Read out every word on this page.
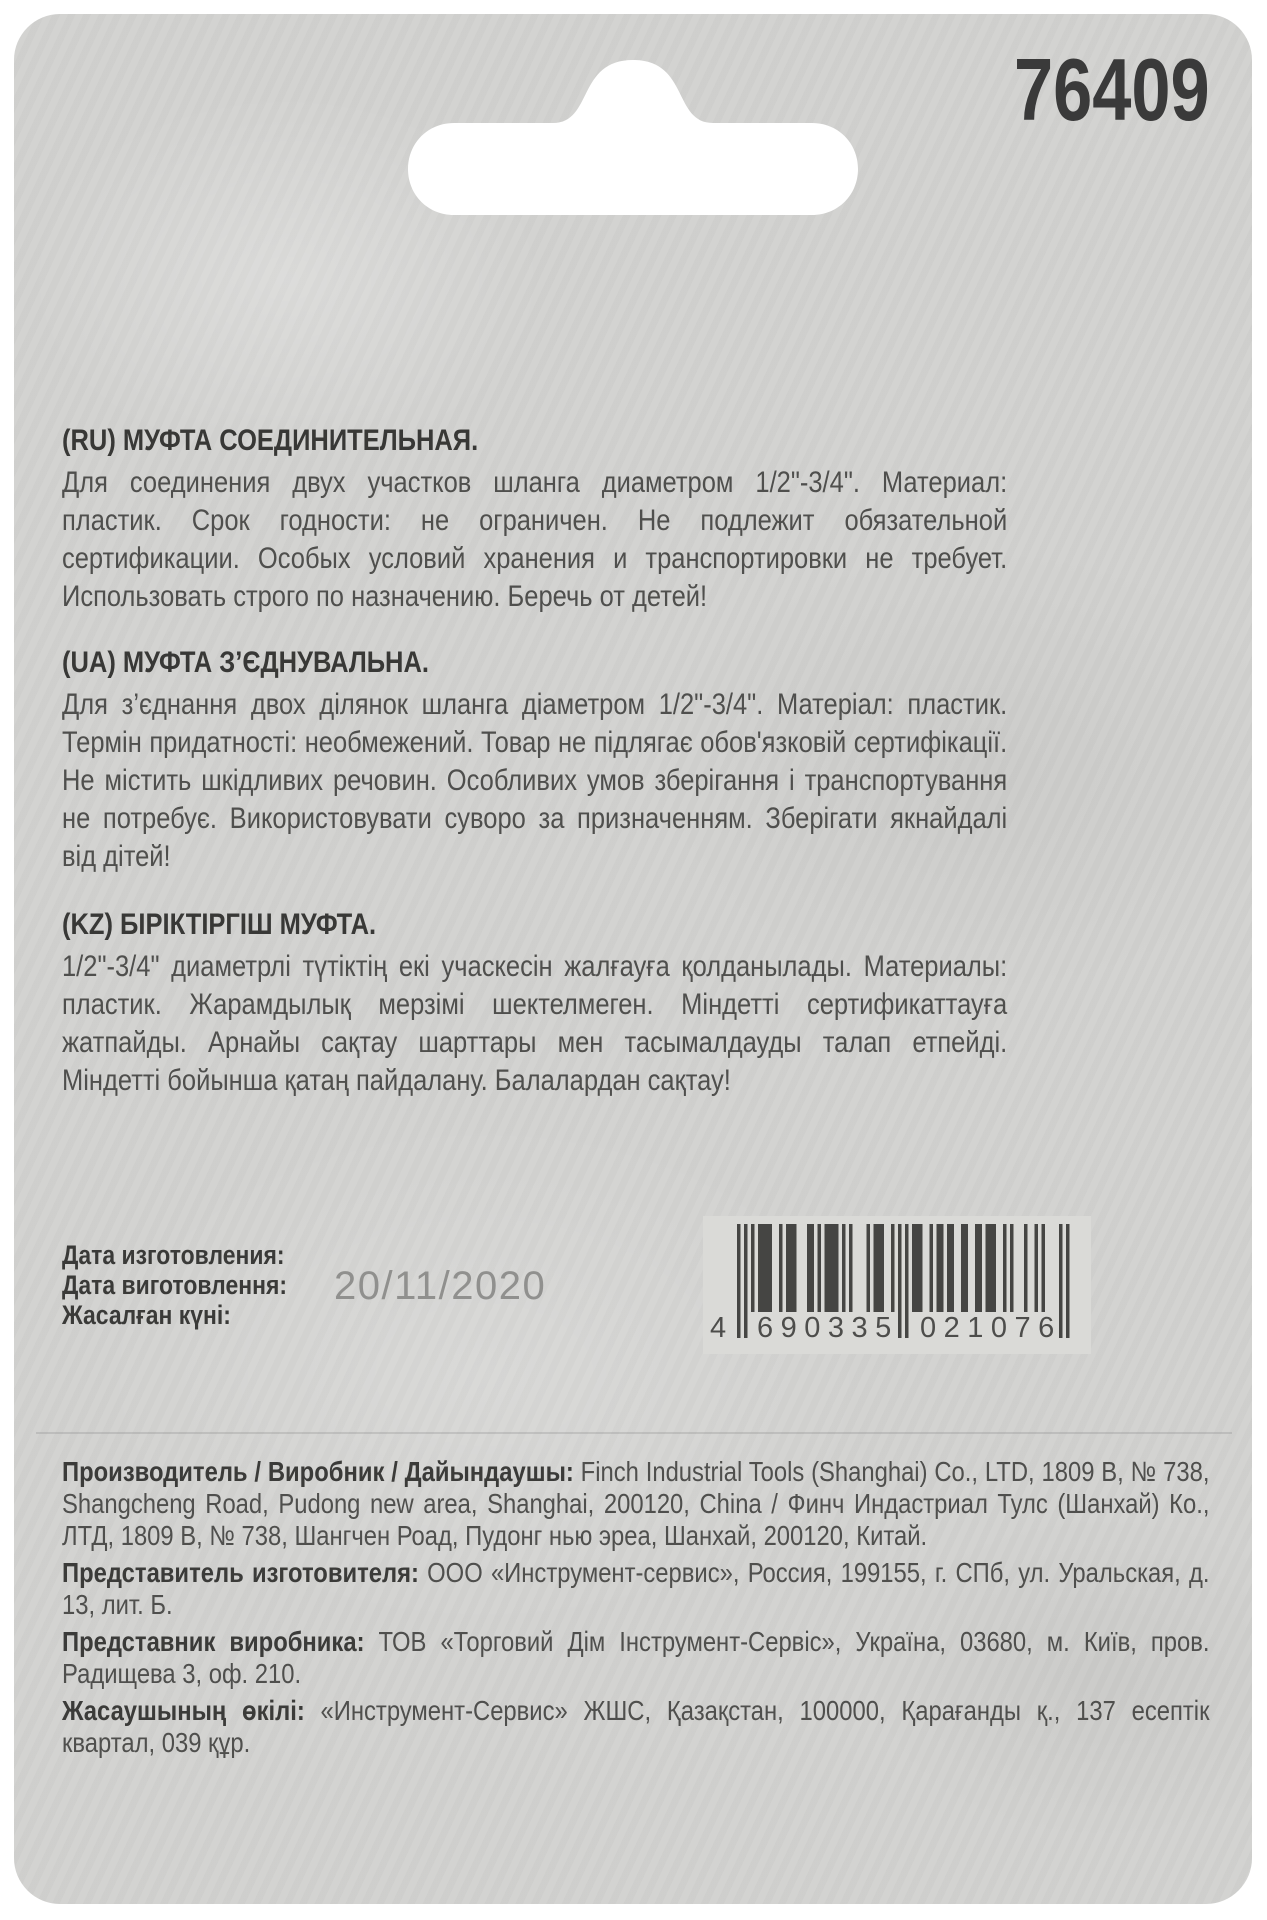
76409
(RU) МУФТА СОЕДИНИТЕЛЬНАЯ.

Для соединения двух участков шланга диаметром 1/2"-3/4". Материал: пластик. Срок годности: не ограничен. Не подлежит обязательной сертификации. Особых условий хранения и транспортировки не требует. Использовать строго по назначению. Беречь от детей!

(UA) МУФТА З’ЄДНУВАЛЬНА.

Для з’єднання двох ділянок шланга діаметром 1/2"-3/4". Матеріал: пластик. Термін придатності: необмежений. Товар не підлягає обов'язковій сертифікації. Не містить шкідливих речовин. Особливих умов зберігання і транспортування не потребує. Використовувати суворо за призначенням. Зберігати якнайдалі від дітей!

(KZ) БІРІКТІРГІШ МУФТА.

1/2"-3/4" диаметрлі түтіктің екі учаскесін жалғауға қолданылады. Материалы: пластик. Жарамдылық мерзімі шектелмеген. Міндетті сертификаттауға жатпайды. Арнайы сақтау шарттары мен тасымалдауды талап етпейді. Міндетті бойынша қатаң пайдалану. Балалардан сақтау!

Дата изготовления:
Дата виготовлення:
Жасалған күні:
20/11/2020
4 690335 021076

Производитель / Виробник / Дайындаушы: Finch Industrial Tools (Shanghai) Co., LTD, 1809 B, № 738, Shangcheng Road, Pudong new area, Shanghai, 200120, China / Финч Индастриал Тулс (Шанхай) Ко., ЛТД, 1809 В, № 738, Шангчен Роад, Пудонг нью эреа, Шанхай, 200120, Китай.

Представитель изготовителя: ООО «Инструмент-сервис», Россия, 199155, г. СПб, ул. Уральская, д. 13, лит. Б.

Представник виробника: ТОВ «Торговий Дім Інструмент-Сервіс», Україна, 03680, м. Київ, пров. Радищева 3, оф. 210.

Жасаушының өкілі: «Инструмент-Сервис» ЖШС, Қазақстан, 100000, Қарағанды қ., 137 есептік квартал, 039 құр.
